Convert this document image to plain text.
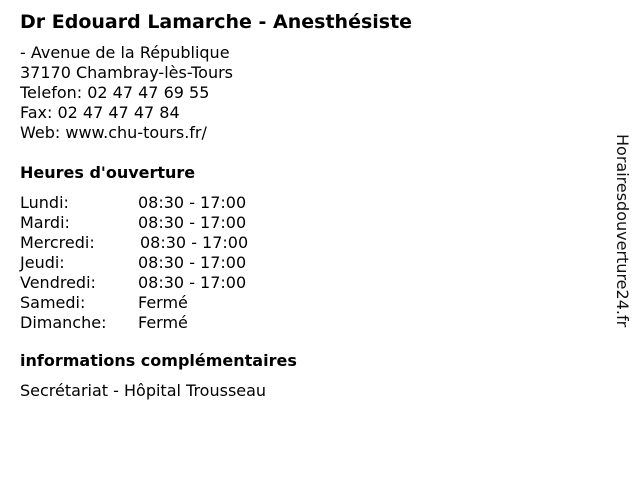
Dr Edouard Lamarche - Anesthésiste
- Avenue de la République
37170 Chambray-lès-Tours
Telefon: 02 47 47 69 55
Fax: 02 47 47 47 84
Web: www.chu-tours.fr/
Heures d'ouverture
Lundi:	08:30 - 17:00
Mardi:	08:30 - 17:00
Mercredi:	08:30 - 17:00
Jeudi:	08:30 - 17:00
Vendredi:	08:30 - 17:00
Samedi:	Fermé
Dimanche: Fermé
informations complémentaires
Secrétariat - Hôpital Trousseau
Horairesdouverture24.fr
